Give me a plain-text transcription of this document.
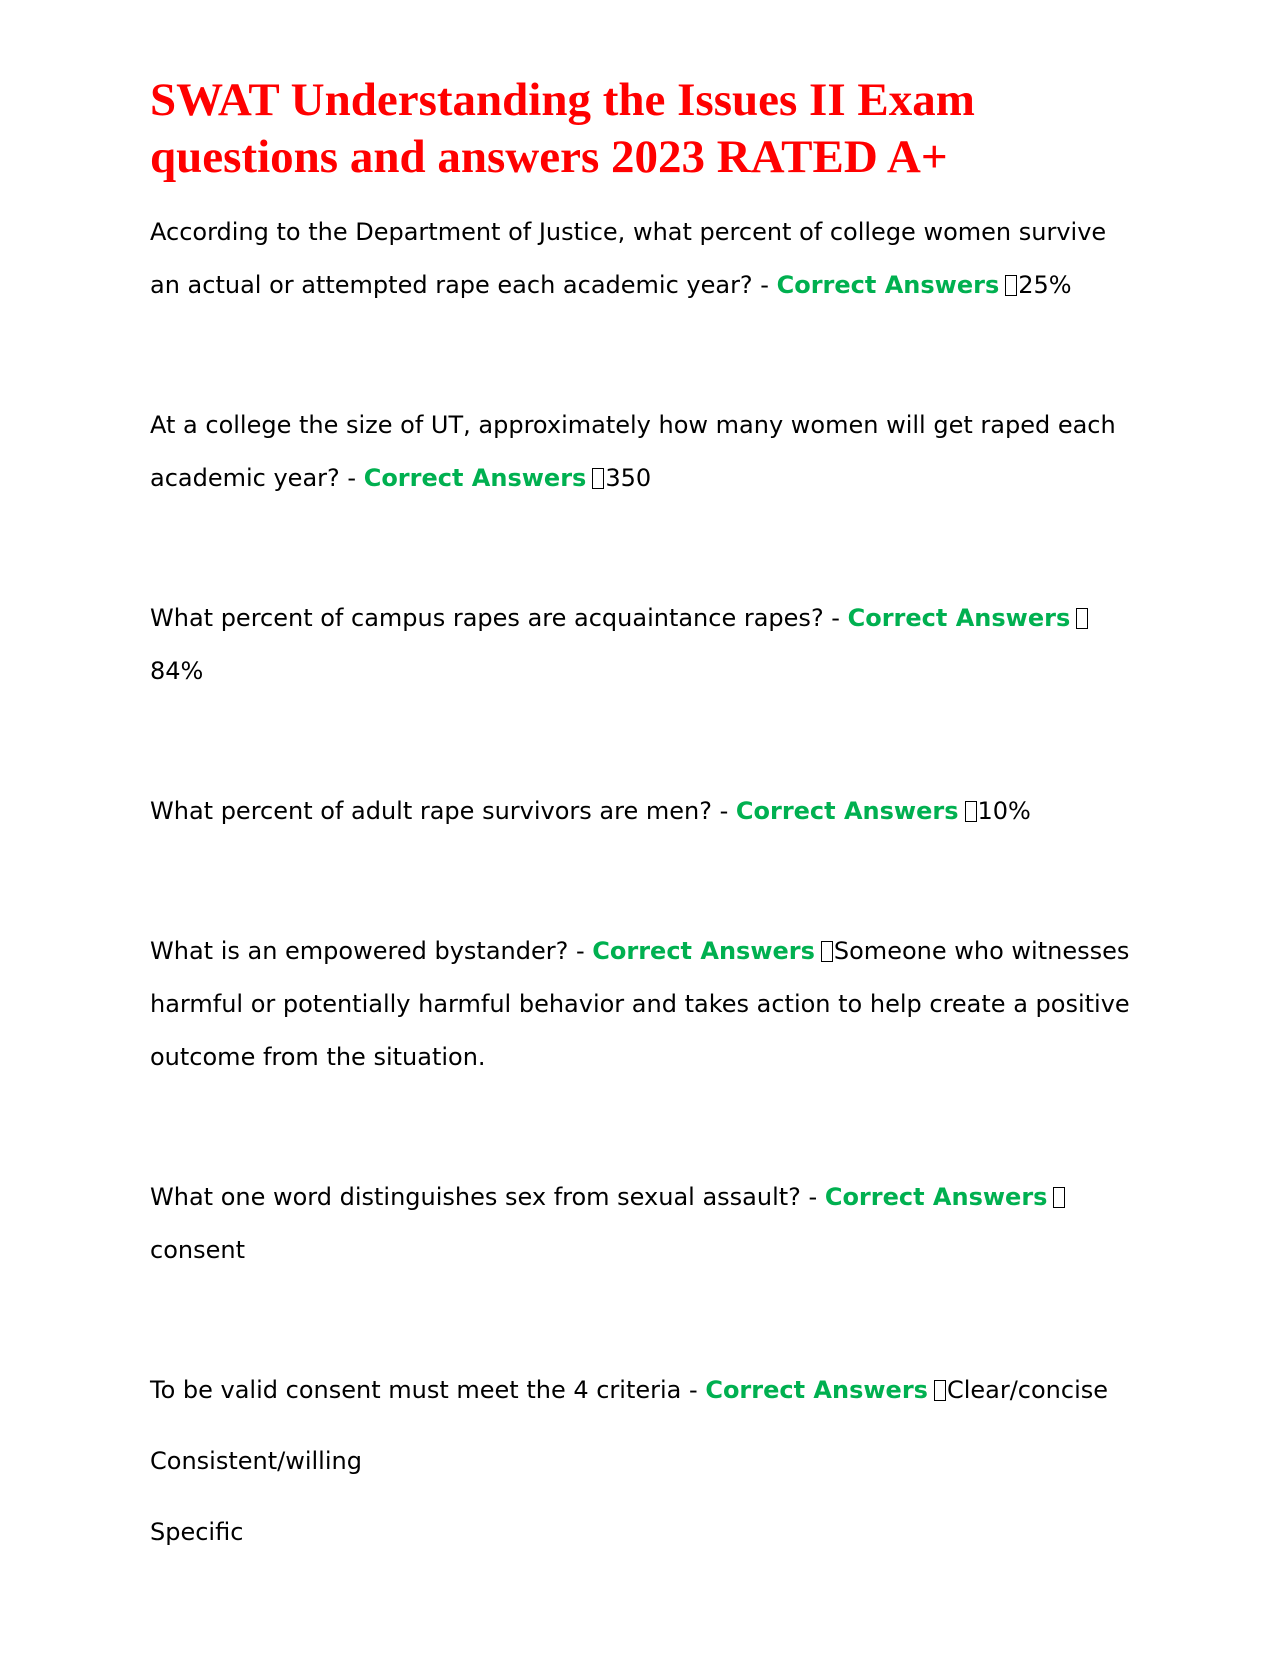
SWAT Understanding the Issues II Exam questions and answers 2023 RATED A+

According to the Department of Justice, what percent of college women survive an actual or attempted rape each academic year? - Correct Answers 25%

At a college the size of UT, approximately how many women will get raped each academic year? - Correct Answers 350

What percent of campus rapes are acquaintance rapes? - Correct Answers84%

What percent of adult rape survivors are men? - Correct Answers 10%

What is an empowered bystander? - Correct Answers Someone who witnesses harmful or potentially harmful behavior and takes action to help create a positive outcome from the situation.

What one word distinguishes sex from sexual assault? - Correct Answersconsent

To be valid consent must meet the 4 criteria - Correct Answers Clear/concise

Consistent/willing

Specific
